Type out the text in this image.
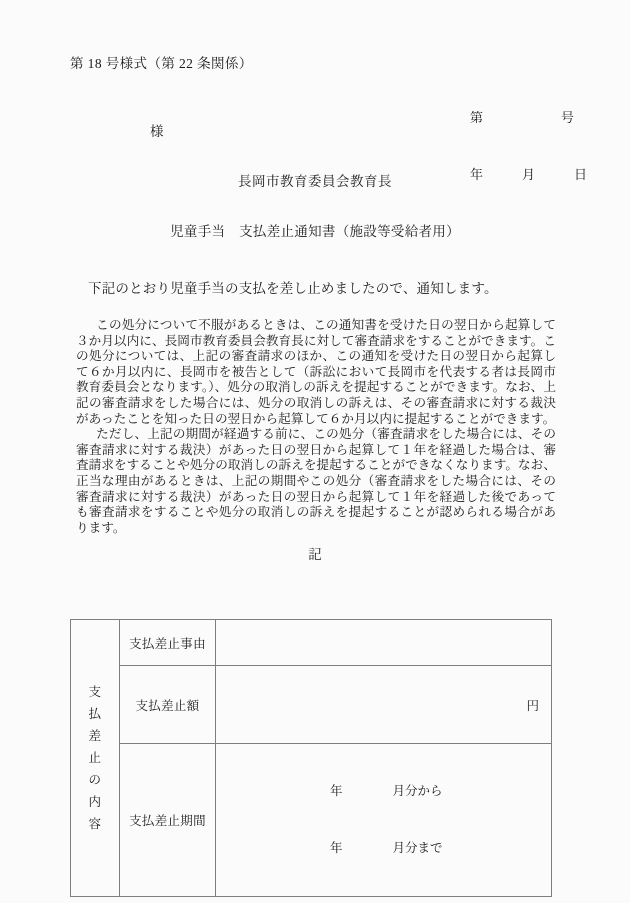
第 18 号様式（第 22 条関係）

第　　　　　　号

年　　　月　　　日

様
長岡市教育委員会教育長
児童手当　支払差止通知書（施設等受給者用）
下記のとおり児童手当の支払を差し止めましたので、通知します。

この処分について不服があるときは、この通知書を受けた日の翌日から起算して３か月以内に、長岡市教育委員会教育長に対して審査請求をすることができます。この処分については、上記の審査請求のほか、この通知を受けた日の翌日から起算して６か月以内に、長岡市を被告として（訴訟において長岡市を代表する者は長岡市教育委員会となります。）、処分の取消しの訴えを提起することができます。なお、上記の審査請求をした場合には、処分の取消しの訴えは、その審査請求に対する裁決があったことを知った日の翌日から起算して６か月以内に提起することができます。

ただし、上記の期間が経過する前に、この処分（審査請求をした場合には、その審査請求に対する裁決）があった日の翌日から起算して１年を経過した場合は、審査請求をすることや処分の取消しの訴えを提起することができなくなります。なお、正当な理由があるときは、上記の期間やこの処分（審査請求をした場合には、その審査請求に対する裁決）があった日の翌日から起算して１年を経過した後であっても審査請求をすることや処分の取消しの訴えを提起することが認められる場合があります。

記
支
払
差
止
の
内
容
	支払差止事由	
	支払差止額	円

	支払差止期間	年　　　　月分から

年　　　　月分まで
